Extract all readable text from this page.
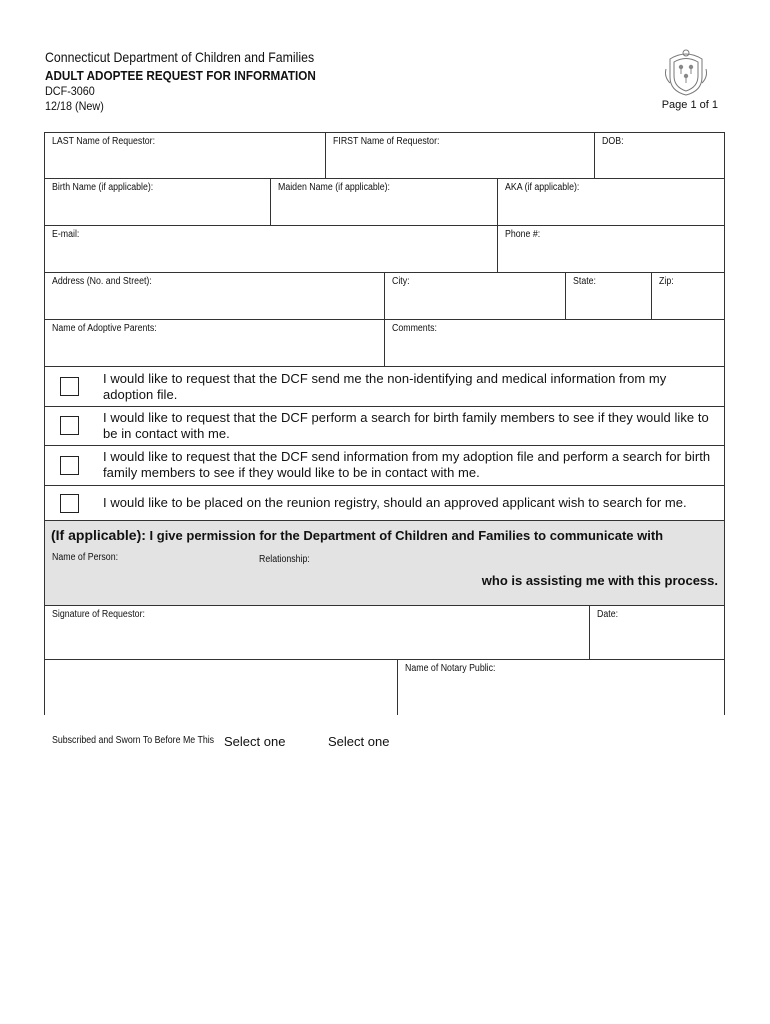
Connecticut Department of Children and Families
ADULT ADOPTEE REQUEST FOR INFORMATION
DCF-3060
12/18 (New)	Page 1 of 1
LAST Name of Requestor:	FIRST Name of Requestor:	DOB:
Birth Name (if applicable):	Maiden Name (if applicable):	AKA (if applicable):
E-mail:	Phone #:
Address (No. and Street):	City:	State:	Zip:
Name of Adoptive Parents:	Comments:
I would like to request that the DCF send me the non-identifying and medical information from my adoption file.
I would like to request that the DCF perform a search for birth family members to see if they would like to be in contact with me.
I would like to request that the DCF send information from my adoption file and perform a search for birth family members to see if they would like to be in contact with me.
I would like to be placed on the reunion registry, should an approved applicant wish to search for me.
(If applicable): I give permission for the Department of Children and Families to communicate with
Name of Person:	Relationship:
who is assisting me with this process.
Signature of Requestor:	Date:
Name of Notary Public:
Subscribed and Sworn To Before Me This Select one	Select one
